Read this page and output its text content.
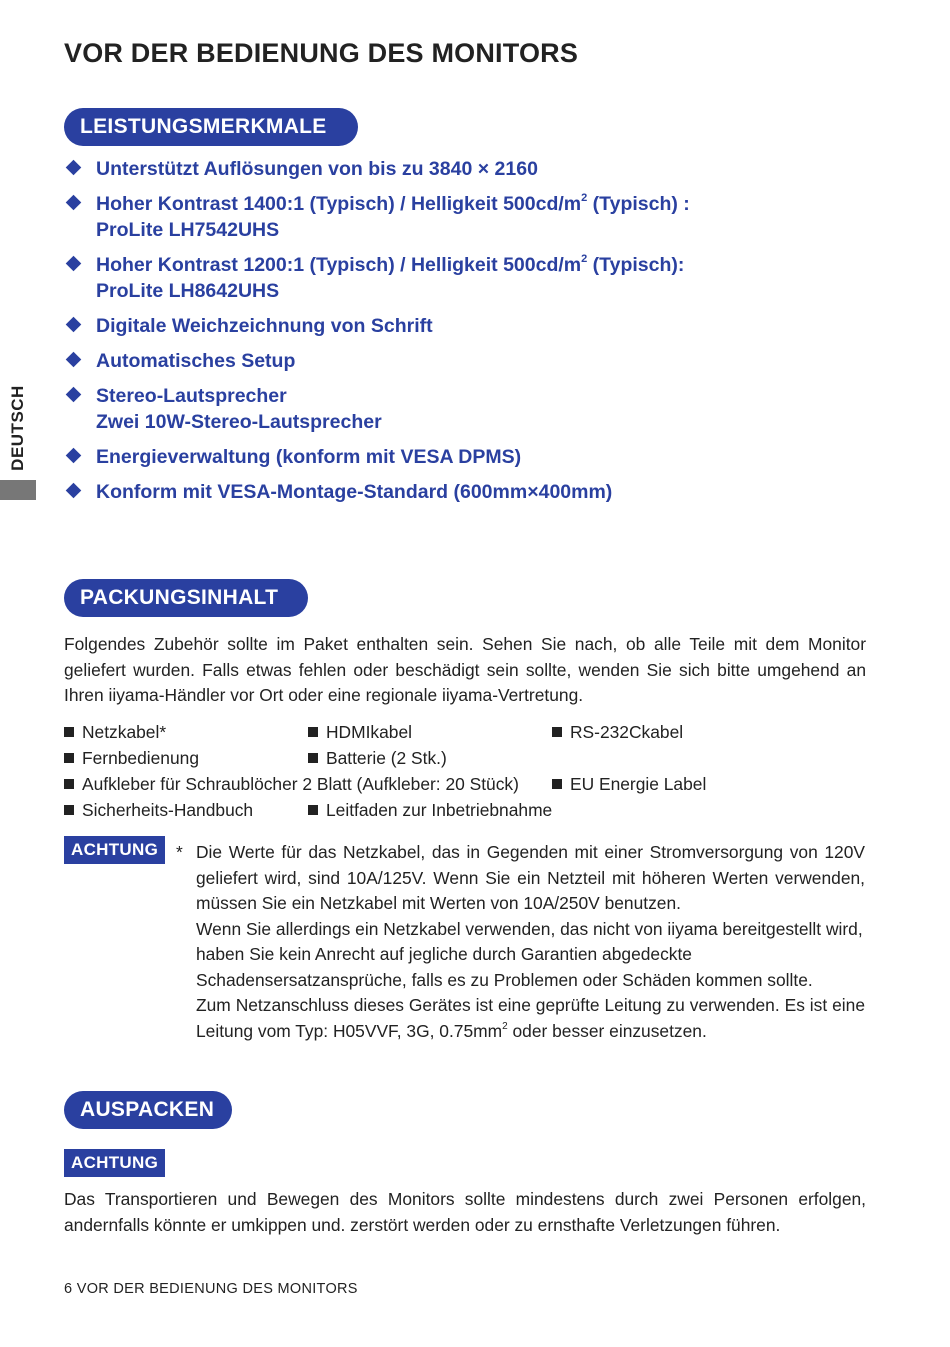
VOR DER BEDIENUNG DES MONITORS
DEUTSCH
LEISTUNGSMERKMALE
Unterstützt Auflösungen von bis zu 3840 × 2160
Hoher Kontrast 1400:1 (Typisch) / Helligkeit $500cd/m^2$ (Typisch) :
ProLite LH7542UHS
Hoher Kontrast 1200:1 (Typisch) / Helligkeit $500cd/m^2$ (Typisch):
ProLite LH8642UHS
Digitale Weichzeichnung von Schrift
Automatisches Setup
Stereo-Lautsprecher
Zwei 10W-Stereo-Lautsprecher
Energieverwaltung (konform mit VESA DPMS)
Konform mit VESA-Montage-Standard (600mm×400mm)
PACKUNGSINHALT
Folgendes Zubehör sollte im Paket enthalten sein. Sehen Sie nach, ob alle Teile mit dem Monitor geliefert wurden. Falls etwas fehlen oder beschädigt sein sollte, wenden Sie sich bitte umgehend an Ihren iiyama-Händler vor Ort oder eine regionale iiyama-Vertretung.
Netzkabel*	HDMIkabel	RS-232Ckabel
Fernbedienung	Batterie (2 Stk.)
Aufkleber für Schraublöcher 2 Blatt (Aufkleber: 20 Stück)	EU Energie Label
Sicherheits-Handbuch	Leitfaden zur Inbetriebnahme
ACHTUNG	* Die Werte für das Netzkabel, das in Gegenden mit einer Stromversorgung von 120V geliefert wird, sind 10A/125V. Wenn Sie ein Netzteil mit höheren Werten verwenden, müssen Sie ein Netzkabel mit Werten von 10A/250V benutzen.

Wenn Sie allerdings ein Netzkabel verwenden, das nicht von iiyama bereitgestellt wird, haben Sie kein Anrecht auf jegliche durch Garantien abgedeckte Schadensersatzansprüche, falls es zu Problemen oder Schäden kommen sollte.

Zum Netzanschluss dieses Gerätes ist eine geprüfte Leitung zu verwenden. Es ist eine Leitung vom Typ: H05VVF, 3G, $0.75mm^2$ oder besser einzusetzen.

AUSPACKEN
ACHTUNG
Das Transportieren und Bewegen des Monitors sollte mindestens durch zwei Personen erfolgen, andernfalls könnte er umkippen und. zerstört werden oder zu ernsthafte Verletzungen führen.
6 VOR DER BEDIENUNG DES MONITORS
